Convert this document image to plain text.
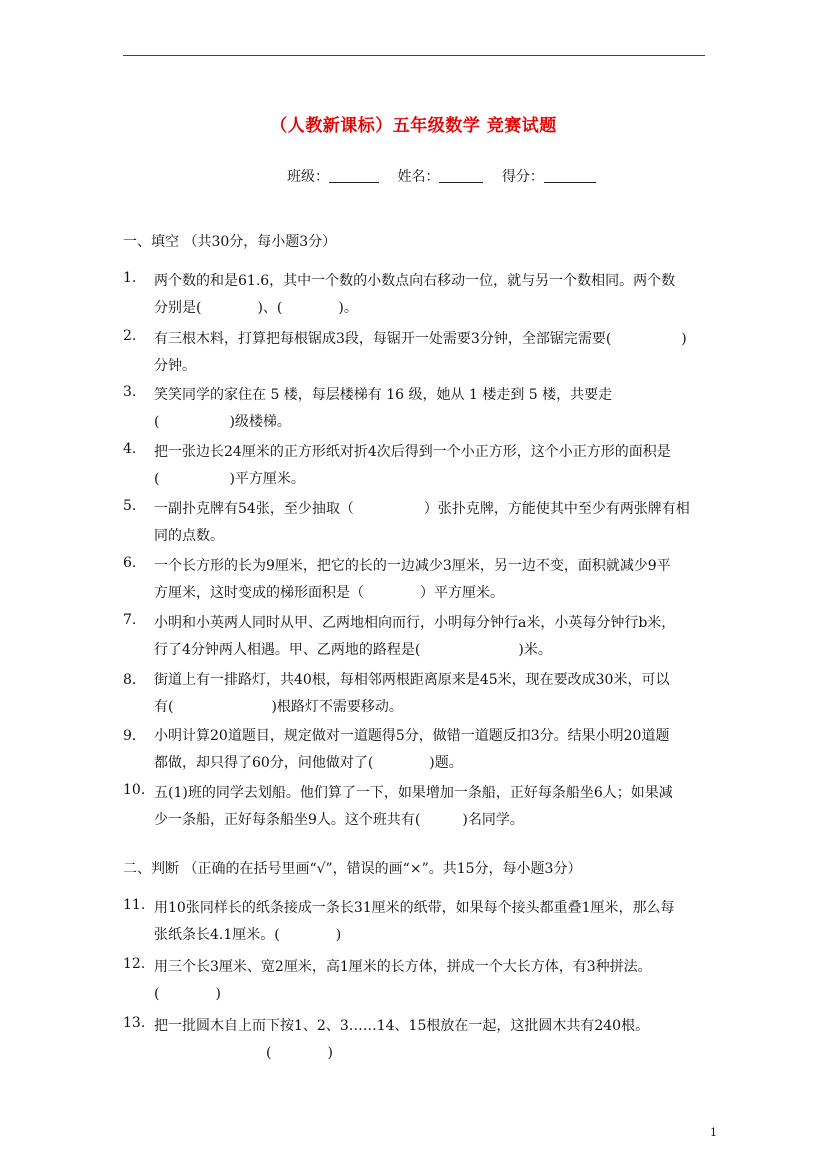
（人教新课标）五年级数学 竞赛试题
班级：	姓名：	得分：
一、填空 （共30分，每小题3分）
1. 两个数的和是61.6，其中一个数的小数点向右移动一位，就与另一个数相同。两个数
分别是(　　　　)、(　　　　)。
2. 有三根木料，打算把每根锯成3段，每锯开一处需要3分钟，全部锯完需要(　　　　　)
分钟。
3. 笑笑同学的家住在 5 楼，每层楼梯有 16 级，她从 1 楼走到 5 楼，共要走
(　　　　　)级楼梯。
4. 把一张边长24厘米的正方形纸对折4次后得到一个小正方形，这个小正方形的面积是
(　　　　　)平方厘米。
5. 一副扑克牌有54张，至少抽取（　　　　　）张扑克牌，方能使其中至少有两张牌有相
同的点数。
6. 一个长方形的长为9厘米，把它的长的一边减少3厘米，另一边不变，面积就减少9平
方厘米，这时变成的梯形面积是（　　　　）平方厘米。
7. 小明和小英两人同时从甲、乙两地相向而行，小明每分钟行a米，小英每分钟行b米，
行了4分钟两人相遇。甲、乙两地的路程是(　　　　　　　)米。
8． 街道上有一排路灯，共40根，每相邻两根距离原来是45米，现在要改成30米，可以
有(　　　　　　　)根路灯不需要移动。
9． 小明计算20道题目，规定做对一道题得5分，做错一道题反扣3分。结果小明20道题
都做，却只得了60分，问他做对了(　　　　)题。
10. 五(1)班的同学去划船。他们算了一下，如果增加一条船，正好每条船坐6人；如果减
少一条船，正好每条船坐9人。这个班共有(　　　)名同学。
11. 用10张同样长的纸条接成一条长31厘米的纸带，如果每个接头都重叠1厘米，那么每
张纸条长4.1厘米。(　　　　)
12. 用三个长3厘米、宽2厘米，高1厘米的长方体，拼成一个大长方体，有3种拼法。
(　　　　)
13. 把一批圆木自上而下按1、2、3……14、15根放在一起，这批圆木共有240根。
　　　　　　　　(　　　　)
二、判断 （正确的在括号里画“√”，错误的画“×”。共15分，每小题3分）
1
